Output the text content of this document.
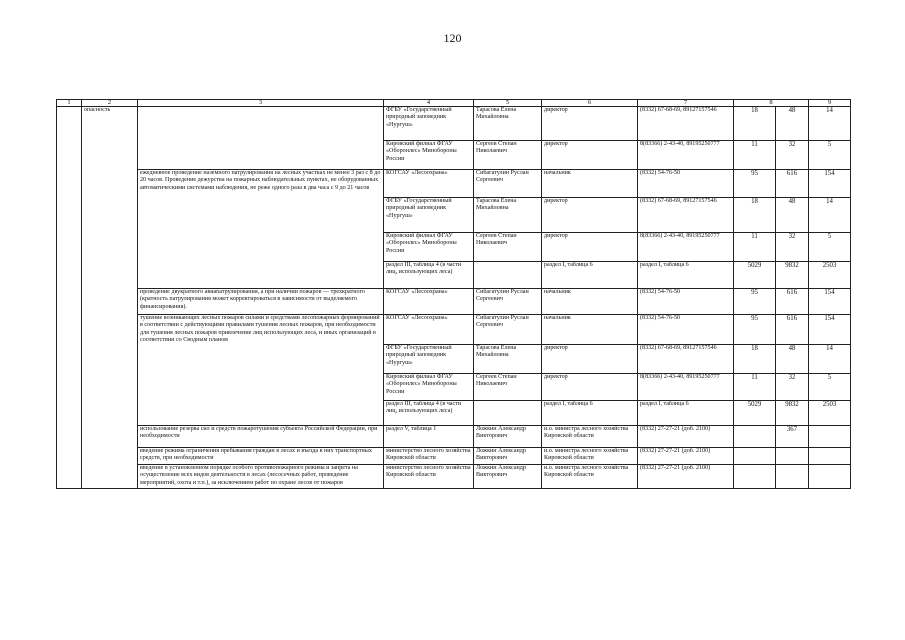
120
1	2	3	4	5	6	7	8		9
	опасность		ФГБУ «Государственный природный заповедник «Нургуш»	Тарасова Елена Михайловна	директор	(8332) 67-68-69, 89127157546	18	48	14
			Кировский филиал ФГАУ «Оборонлес» Минобороны России	Сергеев Степан Николаевич	директор	8(83366) 2-43-40, 89195250777	11	32	5
		ежедневное проведение наземного патрулирования на лесных участках не менее 3 раз с 8 до 20 часов. Проведение дежурства на пожарных наблюдательных пунктах, не оборудованных автоматическими системами наблюдения, не реже одного раза в два часа с 9 до 21 часов	КОГСАУ «Лесоохрана»	Сибагатулин Руслан Сергеевич	начальник	(8332) 54-76-50	95	616	154
			ФГБУ «Государственный природный заповедник «Нургуш»	Тарасова Елена Михайловна	директор	(8332) 67-68-69, 89127157546	18	48	14
			Кировский филиал ФГАУ «Оборонлес» Минобороны России	Сергеев Степан Николаевич	директор	8(83366) 2-43-40, 89195250777	11	32	5
			раздел III, таблица 4 (в части лиц, использующих леса)		раздел I, таблица 6	раздел I, таблица 6	5029	9832	2503
		проведение двукратного авиапатрулирования, а при наличии пожаров — трехкратного (кратность патрулирования может корректироваться в зависимости от выделяемого финансирования).	КОГСАУ «Лесоохрана»	Сибагатулин Руслан Сергеевич	начальник	(8332) 54-76-50	95	616	154
		тушение возникающих лесных пожаров силами и средствами лесопожарных формирований в соответствии с действующими правилами тушения лесных пожаров, при необходимости для тушения лесных пожаров привлечение лиц использующих леса, и иных организаций в соответствии со Сводным планом	КОГСАУ «Лесоохрана»	Сибагатулин Руслан Сергеевич	начальник	(8332) 54-76-50	95	616	154
			ФГБУ «Государственный природный заповедник «Нургуш»	Тарасова Елена Михайловна	директор	(8332) 67-68-69, 89127157546	18	48	14
			Кировский филиал ФГАУ «Оборонлес» Минобороны России	Сергеев Степан Николаевич	директор	8(83366) 2-43-40, 89195250777	11	32	5
			раздел III, таблица 4 (в части лиц, использующих леса)		раздел I, таблица 6	раздел I, таблица 6	5029	9832	2503
		использование резерва сил и средств пожаротушения субъекта Российской Федерации, при необходимости	раздел V, таблица 1	Ложкин Александр Викторович	и.о. министра лесного хозяйства Кировской области	(8332) 27-27-21 (доб. 2100)		367	
		введение режима ограничения пребывания граждан в лесах и въезда в них транспортных средств, при необходимости	министерство лесного хозяйства Кировской области	Ложкин Александр Викторович	и.о. министра лесного хозяйства Кировской области	(8332) 27-27-21 (доб. 2100)			
		введение в установленном порядке особого противопожарного режима и запрета на осуществление всех видов деятельности в лесах (лесосечных работ, проведение мероприятий, охота и т.п.), за исключением работ по охране лесов от пожаров	министерство лесного хозяйства Кировской области	Ложкин Александр Викторович	и.о. министра лесного хозяйства Кировской области	(8332) 27-27-21 (доб. 2100)			
